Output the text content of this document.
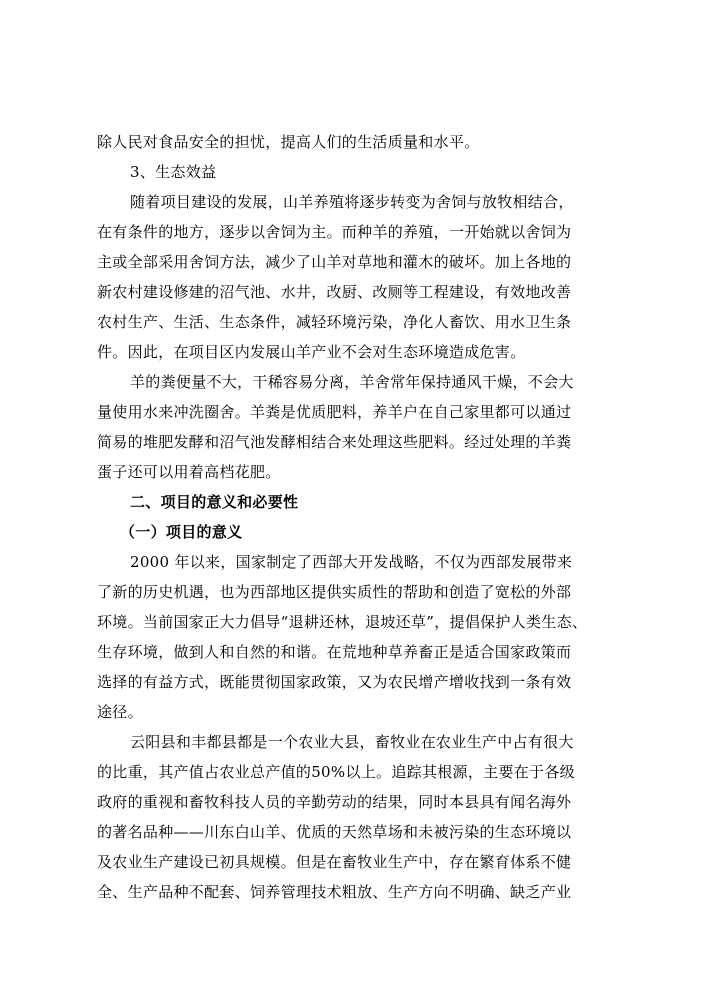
除人民对食品安全的担忧，提高人们的生活质量和水平。
3、生态效益
随着项目建设的发展，山羊养殖将逐步转变为舍饲与放牧相结合，
在有条件的地方，逐步以舍饲为主。而种羊的养殖，一开始就以舍饲为
主或全部采用舍饲方法，减少了山羊对草地和灌木的破坏。加上各地的
新农村建设修建的沼气池、水井，改厨、改厕等工程建设，有效地改善
农村生产、生活、生态条件，减轻环境污染，净化人畜饮、用水卫生条
件。因此，在项目区内发展山羊产业不会对生态环境造成危害。
羊的粪便量不大，干稀容易分离，羊舍常年保持通风干燥，不会大
量使用水来冲洗圈舍。羊粪是优质肥料，养羊户在自己家里都可以通过
简易的堆肥发酵和沼气池发酵相结合来处理这些肥料。经过处理的羊粪
蛋子还可以用着高档花肥。
二、项目的意义和必要性
（一）项目的意义
2000 年以来，国家制定了西部大开发战略，不仅为西部发展带来
了新的历史机遇，也为西部地区提供实质性的帮助和创造了宽松的外部
环境。当前国家正大力倡导“退耕还林，退坡还草”，提倡保护人类生态、
生存环境，做到人和自然的和谐。在荒地种草养畜正是适合国家政策而
选择的有益方式，既能贯彻国家政策，又为农民增产增收找到一条有效
途径。
云阳县和丰都县都是一个农业大县，畜牧业在农业生产中占有很大
的比重，其产值占农业总产值的50%以上。追踪其根源，主要在于各级
政府的重视和畜牧科技人员的辛勤劳动的结果，同时本县具有闻名海外
的著名品种——川东白山羊、优质的天然草场和未被污染的生态环境以
及农业生产建设已初具规模。但是在畜牧业生产中，存在繁育体系不健
全、生产品种不配套、饲养管理技术粗放、生产方向不明确、缺乏产业
